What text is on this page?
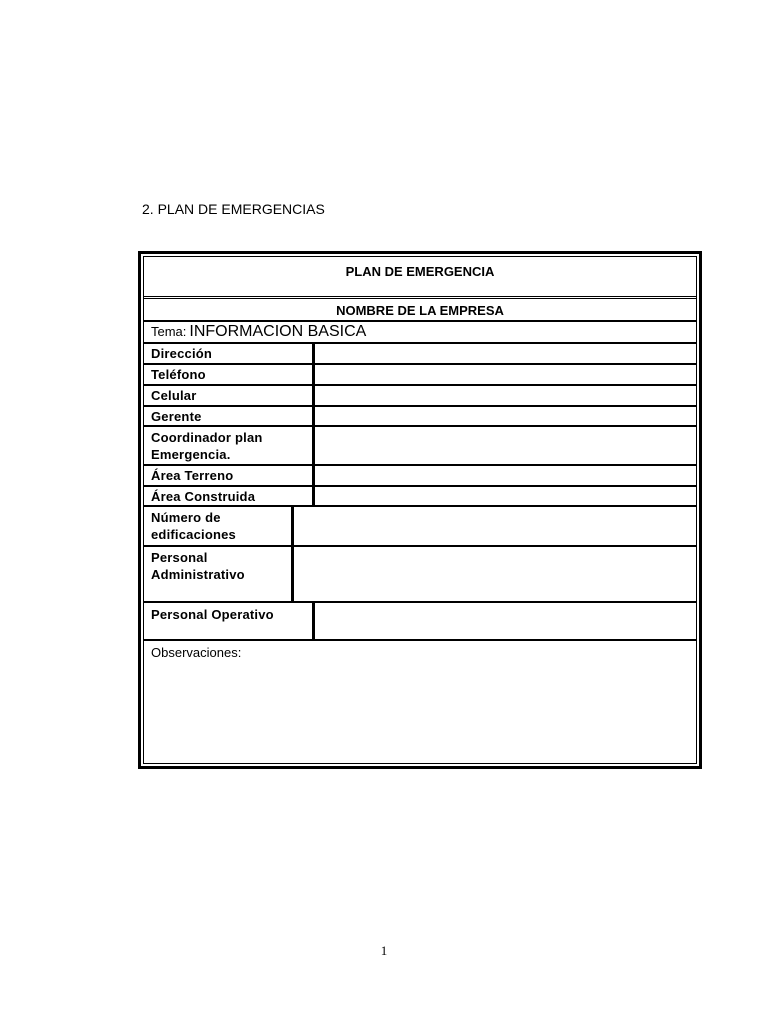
2. PLAN DE EMERGENCIAS
PLAN DE EMERGENCIA
NOMBRE DE LA EMPRESA
Tema: INFORMACION BASICA
Dirección
Teléfono
Celular
Gerente
Coordinador plan Emergencia.
Área Terreno
Área Construida
Número de edificaciones
Personal Administrativo
Personal Operativo
Observaciones:
1
